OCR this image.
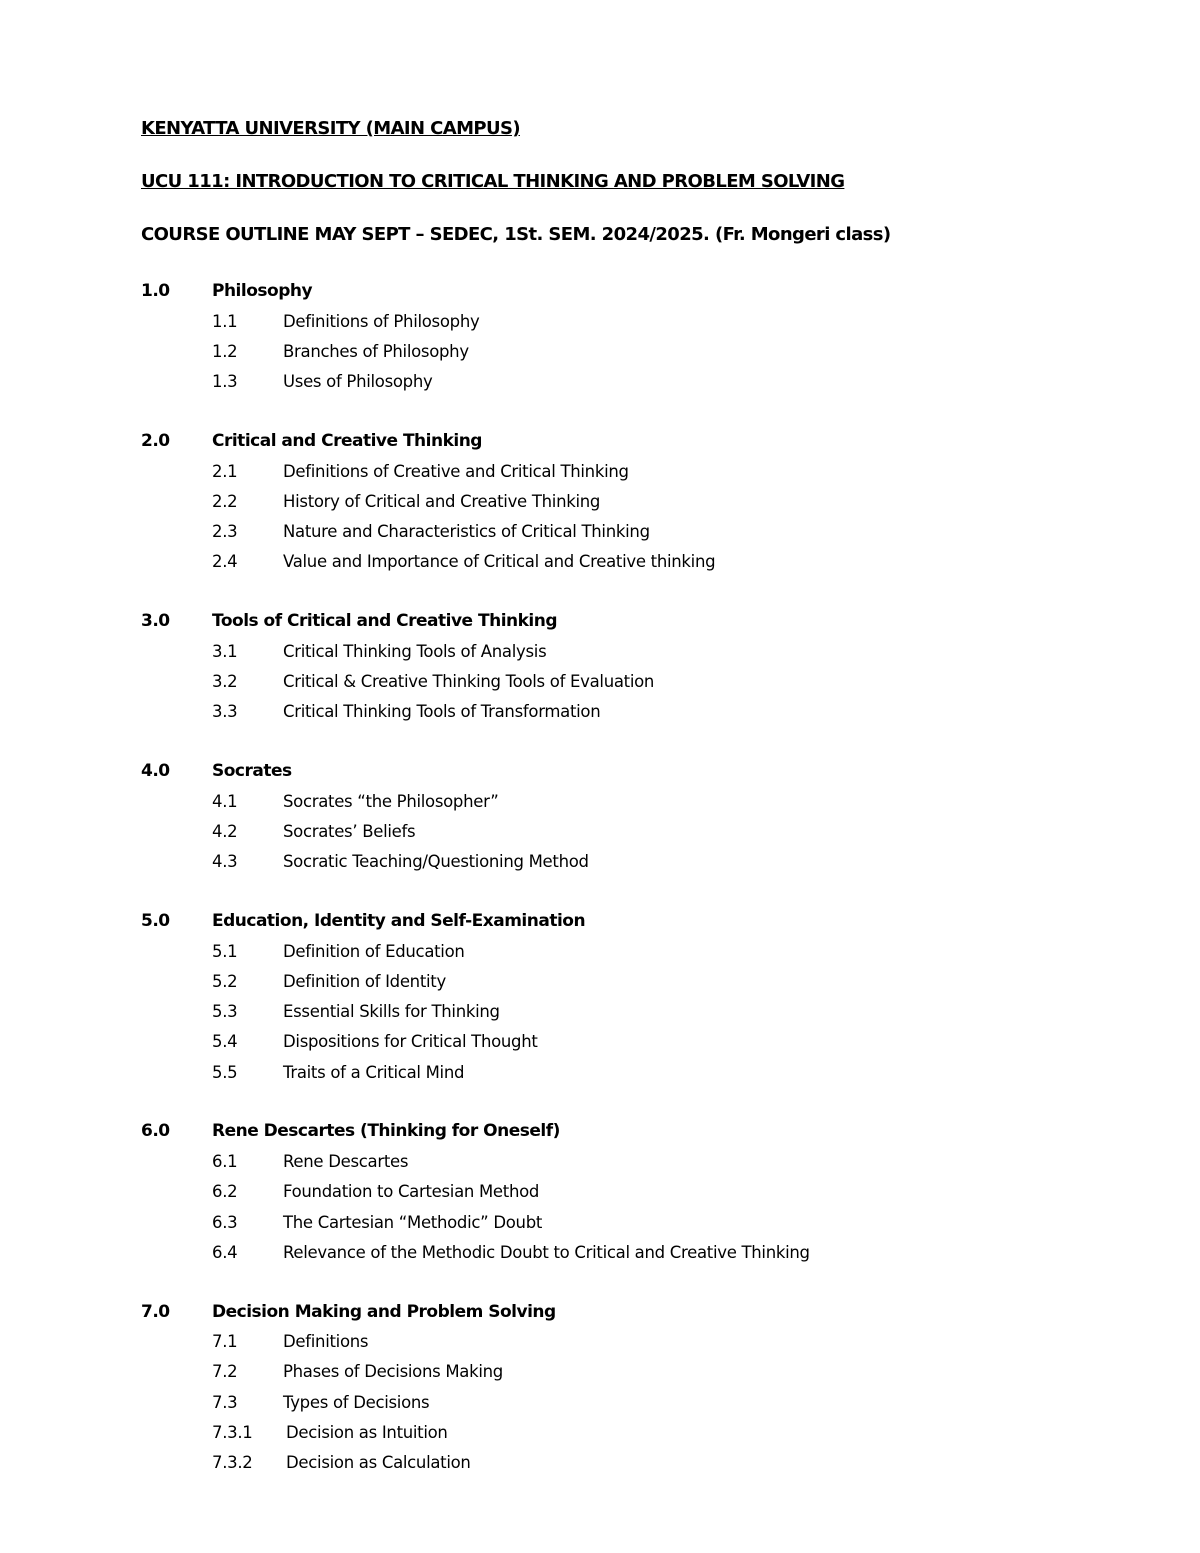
KENYATTA UNIVERSITY (MAIN CAMPUS)
UCU 111: INTRODUCTION TO CRITICAL THINKING AND PROBLEM SOLVING
COURSE OUTLINE MAY SEPT – SEDEC, 1St. SEM. 2024/2025. (Fr. Mongeri class)
1.0	Philosophy
1.1	Definitions of Philosophy
1.2	Branches of Philosophy
1.3	Uses of Philosophy
2.0	Critical and Creative Thinking
2.1	Definitions of Creative and Critical Thinking
2.2	History of Critical and Creative Thinking
2.3	Nature and Characteristics of Critical Thinking
2.4	Value and Importance of Critical and Creative thinking
3.0	Tools of Critical and Creative Thinking
3.1	Critical Thinking Tools of Analysis
3.2	Critical & Creative Thinking Tools of Evaluation
3.3	Critical Thinking Tools of Transformation
4.0	Socrates
4.1	Socrates “the Philosopher”
4.2	Socrates’ Beliefs
4.3	Socratic Teaching/Questioning Method
5.0	Education, Identity and Self-Examination
5.1	Definition of Education
5.2	Definition of Identity
5.3	Essential Skills for Thinking
5.4	Dispositions for Critical Thought
5.5	Traits of a Critical Mind
6.0	Rene Descartes (Thinking for Oneself)
6.1	Rene Descartes
6.2	Foundation to Cartesian Method
6.3	The Cartesian “Methodic” Doubt
6.4	Relevance of the Methodic Doubt to Critical and Creative Thinking
7.0	Decision Making and Problem Solving
7.1	Definitions
7.2	Phases of Decisions Making
7.3	Types of Decisions
7.3.1	Decision as Intuition
7.3.2	Decision as Calculation
